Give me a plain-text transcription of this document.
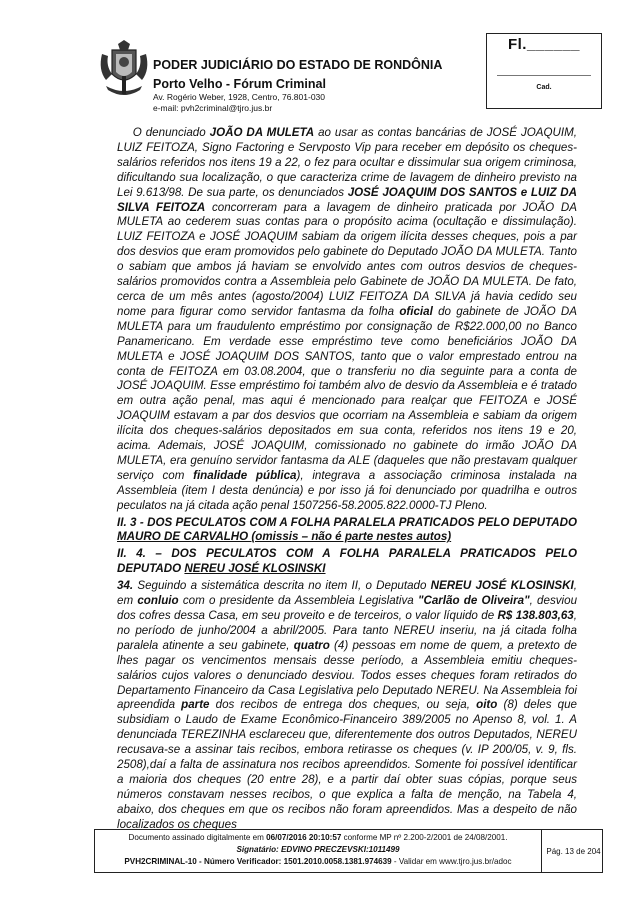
PODER JUDICIÁRIO DO ESTADO DE RONDÔNIA
Porto Velho - Fórum Criminal
Av. Rogério Weber, 1928, Centro, 76.801-030
e-mail: pvh2criminal@tjro.jus.br
Fl.______
Cad.

O denunciado JOÃO DA MULETA ao usar as contas bancárias de JOSÉ JOAQUIM, LUIZ FEITOZA, Signo Factoring e Servposto Vip para receber em depósito os cheques-salários referidos nos itens 19 a 22, o fez para ocultar e dissimular sua origem criminosa, dificultando sua localização, o que caracteriza crime de lavagem de dinheiro previsto na Lei 9.613/98. De sua parte, os denunciados JOSÉ JOAQUIM DOS SANTOS e LUIZ DA SILVA FEITOZA concorreram para a lavagem de dinheiro praticada por JOÃO DA MULETA ao cederem suas contas para o propósito acima (ocultação e dissimulação). LUIZ FEITOZA e JOSÉ JOAQUIM sabiam da origem ilícita desses cheques, pois a par dos desvios que eram promovidos pelo gabinete do Deputado JOÃO DA MULETA. Tanto o sabiam que ambos já haviam se envolvido antes com outros desvios de cheques-salários promovidos contra a Assembleia pelo Gabinete de JOÃO DA MULETA. De fato, cerca de um mês antes (agosto/2004) LUIZ FEITOZA DA SILVA já havia cedido seu nome para figurar como servidor fantasma da folha oficial do gabinete de JOÃO DA MULETA para um fraudulento empréstimo por consignação de R$22.000,00 no Banco Panamericano. Em verdade esse empréstimo teve como beneficiários JOÃO DA MULETA e JOSÉ JOAQUIM DOS SANTOS, tanto que o valor emprestado entrou na conta de FEITOZA em 03.08.2004, que o transferiu no dia seguinte para a conta de JOSÉ JOAQUIM. Esse empréstimo foi também alvo de desvio da Assembleia e é tratado em outra ação penal, mas aqui é mencionado para realçar que FEITOZA e JOSÉ JOAQUIM estavam a par dos desvios que ocorriam na Assembleia e sabiam da origem ilícita dos cheques-salários depositados em sua conta, referidos nos itens 19 e 20, acima. Ademais, JOSÉ JOAQUIM, comissionado no gabinete do irmão JOÃO DA MULETA, era genuíno servidor fantasma da ALE (daqueles que não prestavam qualquer serviço com finalidade pública), integrava a associação criminosa instalada na Assembleia (item I desta denúncia) e por isso já foi denunciado por quadrilha e outros peculatos na já citada ação penal 1507256-58.2005.822.0000-TJ Pleno.

II. 3 - DOS PECULATOS COM A FOLHA PARALELA PRATICADOS PELO DEPUTADO MAURO DE CARVALHO (omissis – não é parte nestes autos)

II. 4. – DOS PECULATOS COM A FOLHA PARALELA PRATICADOS PELO DEPUTADO NEREU JOSÉ KLOSINSKI

34. Seguindo a sistemática descrita no item II, o Deputado NEREU JOSÉ KLOSINSKI, em conluio com o presidente da Assembleia Legislativa "Carlão de Oliveira", desviou dos cofres dessa Casa, em seu proveito e de terceiros, o valor líquido de R$ 138.803,63, no período de junho/2004 a abril/2005. Para tanto NEREU inseriu, na já citada folha paralela atinente a seu gabinete, quatro (4) pessoas em nome de quem, a pretexto de lhes pagar os vencimentos mensais desse período, a Assembleia emitiu cheques-salários cujos valores o denunciado desviou. Todos esses cheques foram retirados do Departamento Financeiro da Casa Legislativa pelo Deputado NEREU. Na Assembleia foi apreendida parte dos recibos de entrega dos cheques, ou seja, oito (8) deles que subsidiam o Laudo de Exame Econômico-Financeiro 389/2005 no Apenso 8, vol. 1. A denunciada TEREZINHA esclareceu que, diferentemente dos outros Deputados, NEREU recusava-se a assinar tais recibos, embora retirasse os cheques (v. IP 200/05, v. 9, fls. 2508),daí a falta de assinatura nos recibos apreendidos. Somente foi possível identificar a maioria dos cheques (20 entre 28), e a partir daí obter suas cópias, porque seus números constavam nesses recibos, o que explica a falta de menção, na Tabela 4, abaixo, dos cheques em que os recibos não foram apreendidos. Mas a despeito de não localizados os cheques

Documento assinado digitalmente em 06/07/2016 20:10:57 conforme MP nº 2.200-2/2001 de 24/08/2001.
Signatário: EDVINO PRECZEVSKI:1011499
PVH2CRIMINAL-10 - Número Verificador: 1501.2010.0058.1381.974639 - Validar em www.tjro.jus.br/adoc
Pág. 13 de 204
